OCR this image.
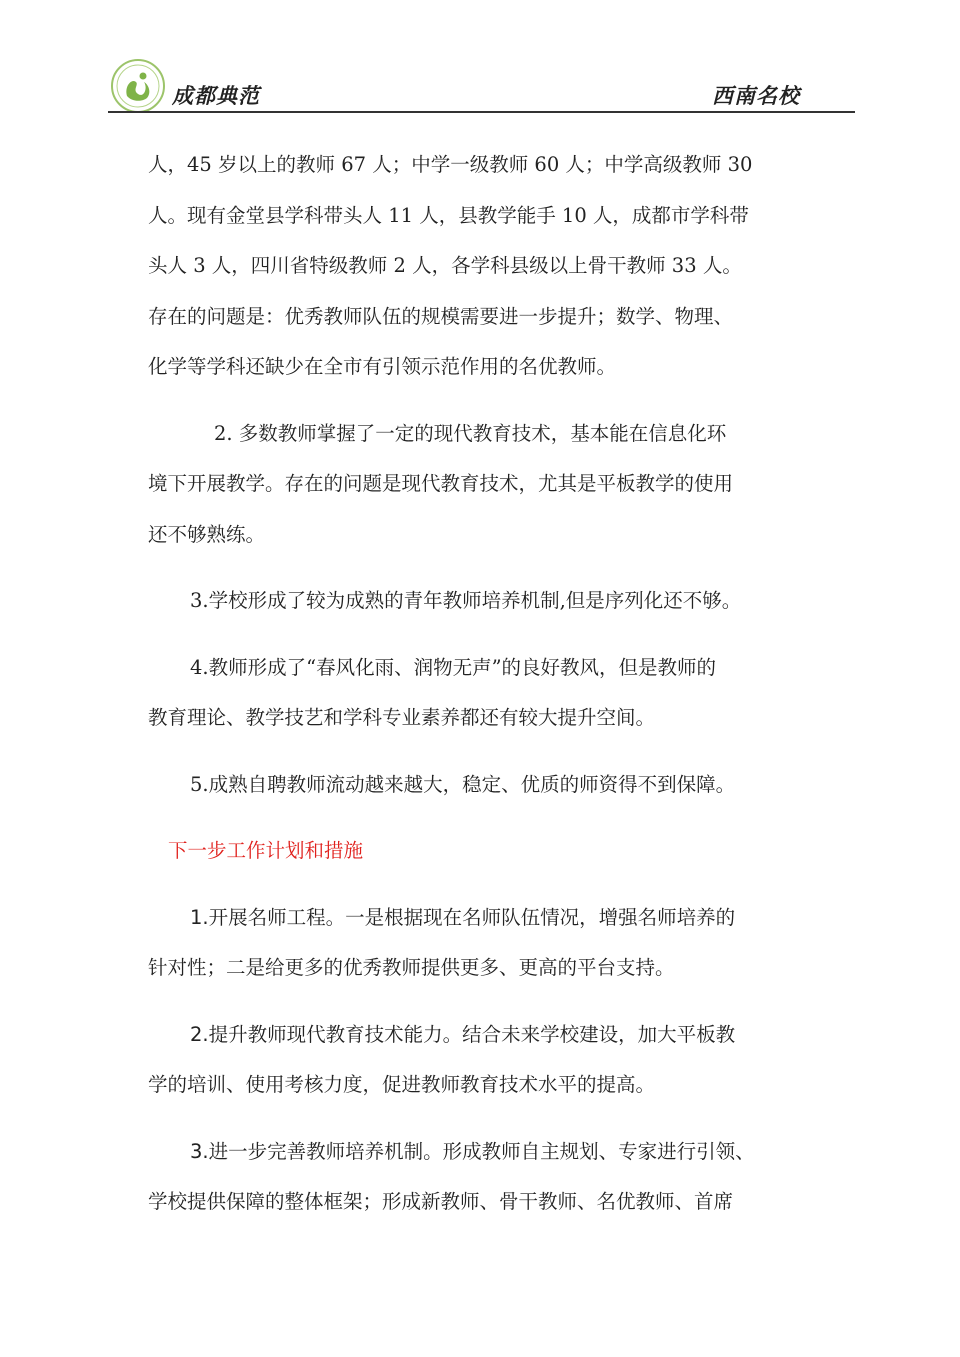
成都典范	西南名校
人，45 岁以上的教师 67 人；中学一级教师 60 人；中学高级教师 30
人。现有金堂县学科带头人 11 人，县教学能手 10 人，成都市学科带
头人 3 人，四川省特级教师 2 人，各学科县级以上骨干教师 33 人。
存在的问题是：优秀教师队伍的规模需要进一步提升；数学、物理、
化学等学科还缺少在全市有引领示范作用的名优教师。
2. 多数教师掌握了一定的现代教育技术，基本能在信息化环
境下开展教学。存在的问题是现代教育技术，尤其是平板教学的使用
还不够熟练。
3.学校形成了较为成熟的青年教师培养机制,但是序列化还不够。
4.教师形成了“春风化雨、润物无声”的良好教风，但是教师的
教育理论、教学技艺和学科专业素养都还有较大提升空间。
5.成熟自聘教师流动越来越大，稳定、优质的师资得不到保障。
下一步工作计划和措施
1.开展名师工程。一是根据现在名师队伍情况，增强名师培养的
针对性；二是给更多的优秀教师提供更多、更高的平台支持。
2.提升教师现代教育技术能力。结合未来学校建设，加大平板教
学的培训、使用考核力度，促进教师教育技术水平的提高。
3.进一步完善教师培养机制。形成教师自主规划、专家进行引领、
学校提供保障的整体框架；形成新教师、骨干教师、名优教师、首席
